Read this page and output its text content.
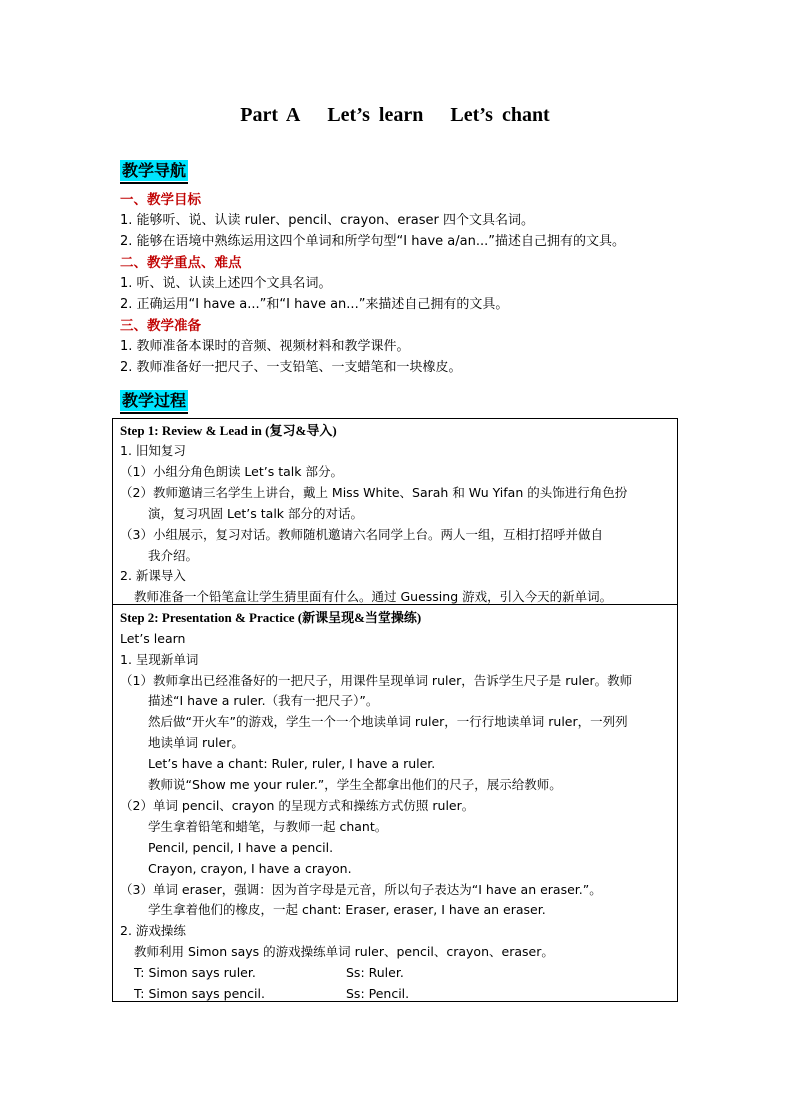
Part A Let’s learn Let’s chant
教学导航
一、教学目标
1. 能够听、说、认读 ruler、pencil、crayon、eraser 四个文具名词。
2. 能够在语境中熟练运用这四个单词和所学句型“I have a/an...”描述自己拥有的文具。
二、教学重点、难点
1. 听、说、认读上述四个文具名词。
2. 正确运用“I have a...”和“I have an...”来描述自己拥有的文具。
三、教学准备
1. 教师准备本课时的音频、视频材料和教学课件。
2. 教师准备好一把尺子、一支铅笔、一支蜡笔和一块橡皮。
教学过程
Step 1: Review & Lead in (复习&导入)
1. 旧知复习
（1）小组分角色朗读 Let’s talk 部分。
（2）教师邀请三名学生上讲台，戴上 Miss White、Sarah 和 Wu Yifan 的头饰进行角色扮
演，复习巩固 Let’s talk 部分的对话。
（3）小组展示，复习对话。教师随机邀请六名同学上台。两人一组，互相打招呼并做自
我介绍。
2. 新课导入
教师准备一个铅笔盒让学生猜里面有什么。通过 Guessing 游戏，引入今天的新单词。
Step 2: Presentation & Practice (新课呈现&当堂操练)
Let’s learn
1. 呈现新单词
（1）教师拿出已经准备好的一把尺子，用课件呈现单词 ruler，告诉学生尺子是 ruler。教师
描述“I have a ruler.（我有一把尺子）”。
然后做“开火车”的游戏，学生一个一个地读单词 ruler，一行行地读单词 ruler，一列列
地读单词 ruler。
Let’s have a chant: Ruler, ruler, I have a ruler.
教师说“Show me your ruler.”，学生全都拿出他们的尺子，展示给教师。
（2）单词 pencil、crayon 的呈现方式和操练方式仿照 ruler。
学生拿着铅笔和蜡笔，与教师一起 chant。
Pencil, pencil, I have a pencil.
Crayon, crayon, I have a crayon.
（3）单词 eraser，强调：因为首字母是元音，所以句子表达为“I have an eraser.”。
学生拿着他们的橡皮，一起 chant: Eraser, eraser, I have an eraser.
2. 游戏操练
教师利用 Simon says 的游戏操练单词 ruler、pencil、crayon、eraser。
T: Simon says ruler.	Ss: Ruler.
T: Simon says pencil.	Ss: Pencil.
